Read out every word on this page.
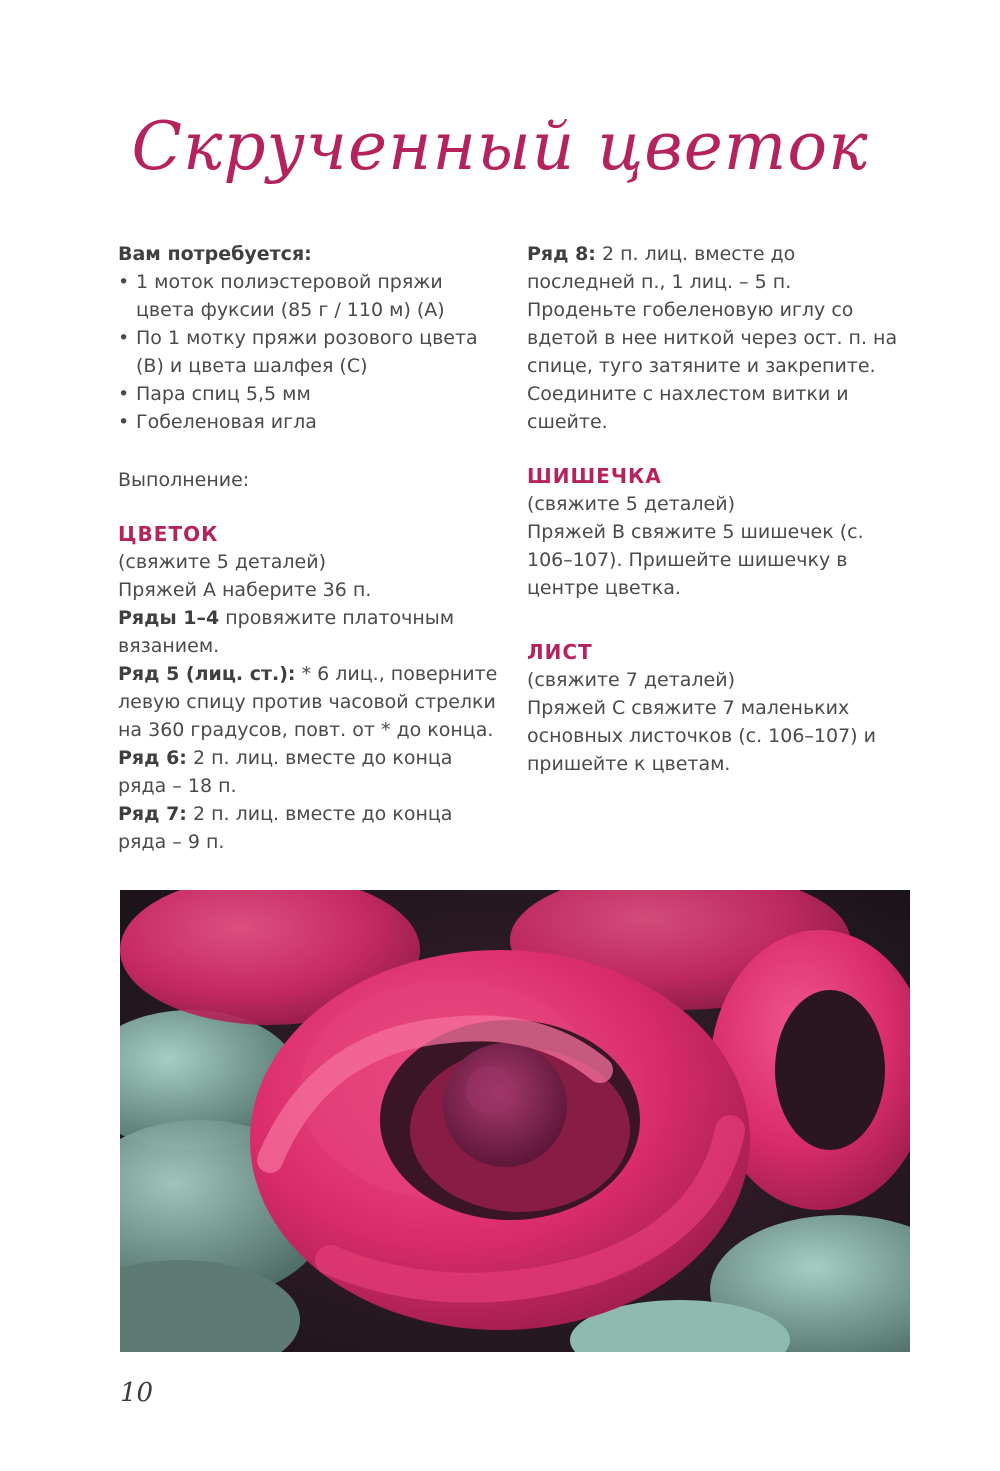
Скрученный цветок
Вам потребуется:
• 1 моток полиэстеровой пряжи цвета фуксии (85 г / 110 м) (А)
• По 1 мотку пряжи розового цвета (В) и цвета шалфея (С)
• Пара спиц 5,5 мм
• Гобеленовая игла
Выполнение:
ЦВЕТОК
(свяжите 5 деталей)
Пряжей А наберите 36 п.
Ряды 1–4 провяжите платочным вязанием.
Ряд 5 (лиц. ст.): * 6 лиц., поверните левую спицу против часовой стрелки на 360 градусов, повт. от * до конца.
Ряд 6: 2 п. лиц. вместе до конца ряда – 18 п.
Ряд 7: 2 п. лиц. вместе до конца ряда – 9 п.
Ряд 8: 2 п. лиц. вместе до последней п., 1 лиц. – 5 п.
Проденьте гобеленовую иглу со вдетой в нее ниткой через ост. п. на спице, туго затяните и закрепите. Соедините с нахлестом витки и сшейте.
ШИШЕЧКА
(свяжите 5 деталей)
Пряжей В свяжите 5 шишечек (с. 106–107). Пришейте шишечку в центре цветка.
ЛИСТ
(свяжите 7 деталей)
Пряжей С свяжите 7 маленьких основных листочков (с. 106–107) и пришейте к цветам.
10
